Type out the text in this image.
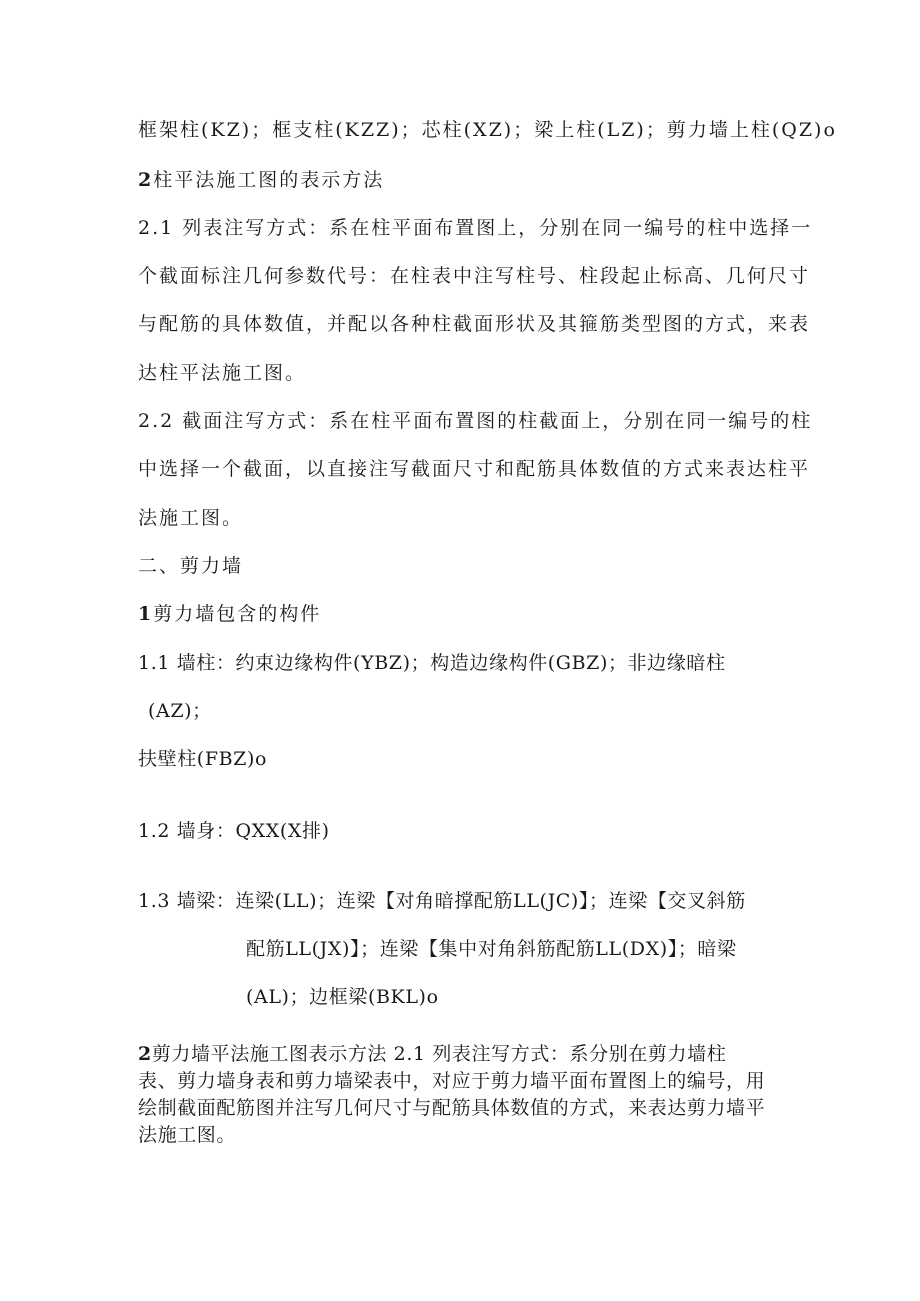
框架柱(KZ)；框支柱(KZZ)；芯柱(XZ)；梁上柱(LZ)；剪力墙上柱(QZ)o
2柱平法施工图的表示方法
2.1 列表注写方式：系在柱平面布置图上，分别在同一编号的柱中选择一
个截面标注几何参数代号：在柱表中注写柱号、柱段起止标高、几何尺寸
与配筋的具体数值，并配以各种柱截面形状及其箍筋类型图的方式，来表
达柱平法施工图。
2.2 截面注写方式：系在柱平面布置图的柱截面上，分别在同一编号的柱
中选择一个截面，以直接注写截面尺寸和配筋具体数值的方式来表达柱平
法施工图。
二、剪力墙
1剪力墙包含的构件
1.1 墙柱：约束边缘构件(YBZ)；构造边缘构件(GBZ)；非边缘暗柱
(AZ)；
扶壁柱(FBZ)o
1.2 墙身：QXX(X排)
1.3 墙梁：连梁(LL)；连梁【对角暗撑配筋LL(JC)】；连梁【交叉斜筋
配筋LL(JX)】；连梁【集中对角斜筋配筋LL(DX)】；暗梁
(AL)；边框梁(BKL)o
2剪力墙平法施工图表示方法 2.1 列表注写方式：系分别在剪力墙柱
表、剪力墙身表和剪力墙梁表中，对应于剪力墙平面布置图上的编号，用
绘制截面配筋图并注写几何尺寸与配筋具体数值的方式，来表达剪力墙平
法施工图。
